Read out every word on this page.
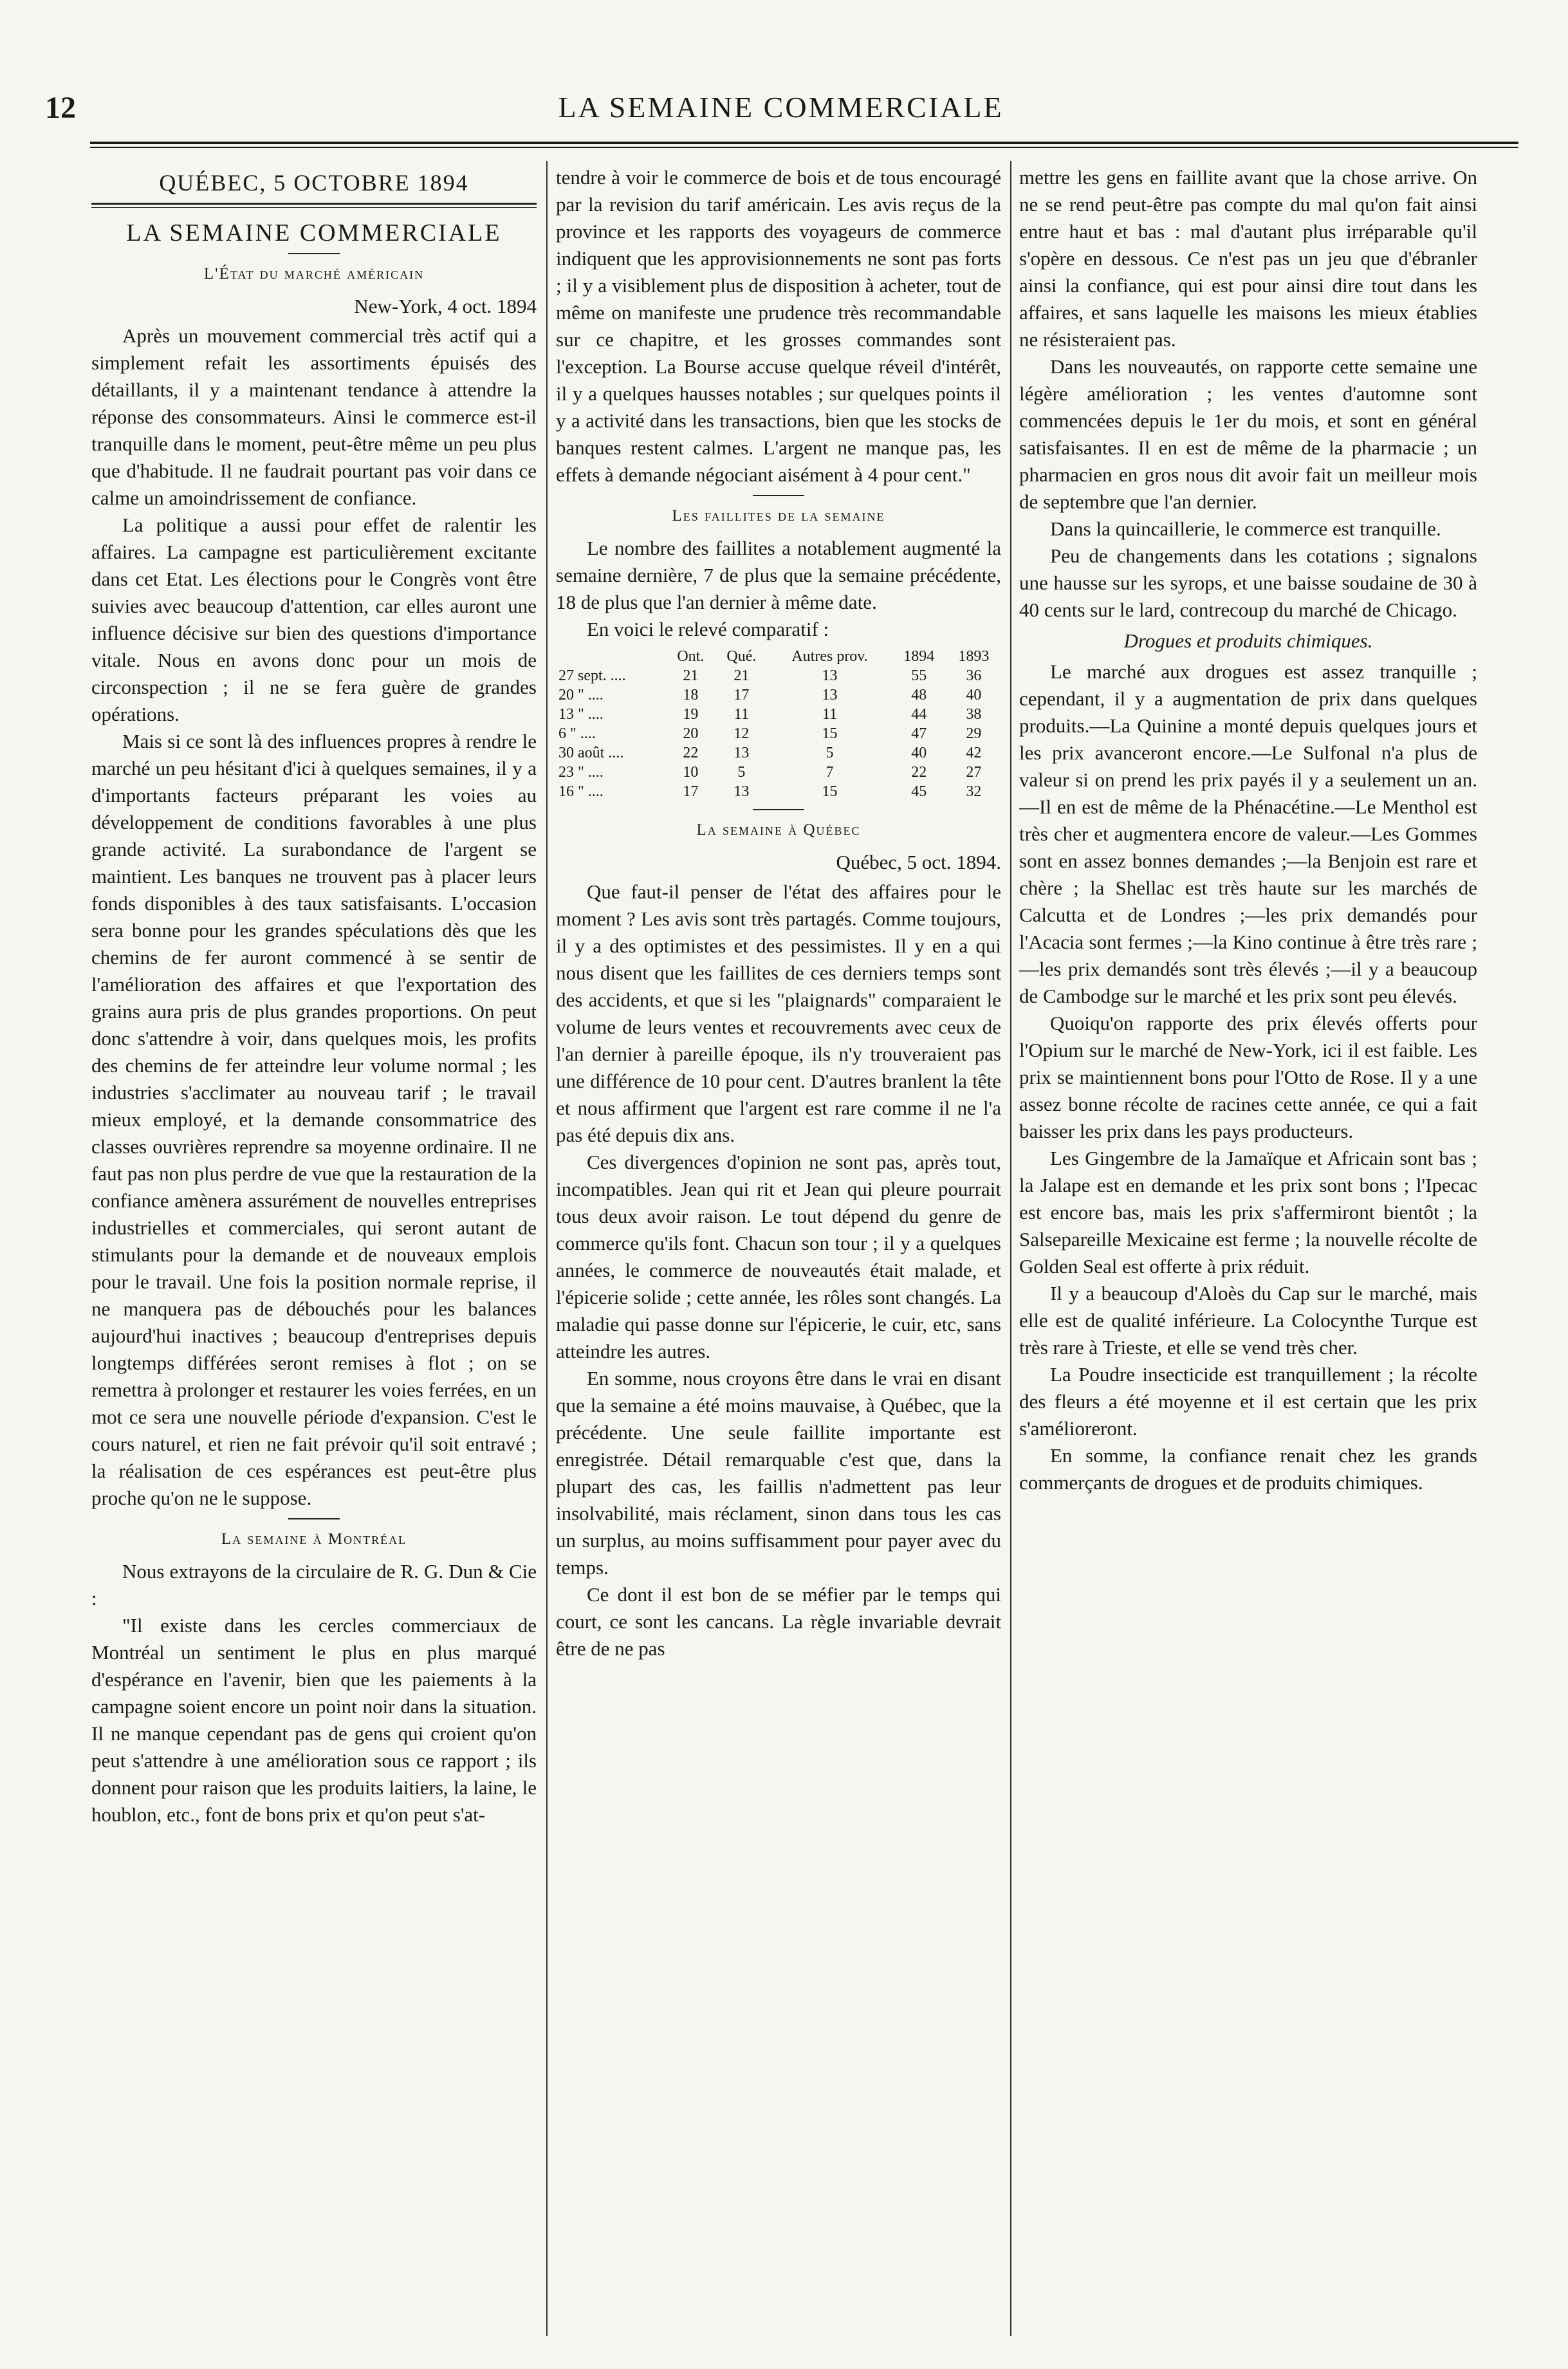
12	LA SEMAINE COMMERCIALE
QUÉBEC, 5 OCTOBRE 1894
LA SEMAINE COMMERCIALE
L'État du marché américain
New-York, 4 oct. 1894

Après un mouvement commercial très actif qui a simplement refait les assortiments épuisés des détaillants, il y a maintenant tendance à attendre la réponse des consommateurs. Ainsi le commerce est-il tranquille dans le moment, peut-être même un peu plus que d'habitude. Il ne faudrait pourtant pas voir dans ce calme un amoindrissement de confiance.

La politique a aussi pour effet de ralentir les affaires. La campagne est particulièrement excitante dans cet Etat. Les élections pour le Congrès vont être suivies avec beaucoup d'attention, car elles auront une influence décisive sur bien des questions d'importance vitale. Nous en avons donc pour un mois de circonspection ; il ne se fera guère de grandes opérations.

Mais si ce sont là des influences propres à rendre le marché un peu hésitant d'ici à quelques semaines, il y a d'importants facteurs préparant les voies au développement de conditions favorables à une plus grande activité. La surabondance de l'argent se maintient. Les banques ne trouvent pas à placer leurs fonds disponibles à des taux satisfaisants. L'occasion sera bonne pour les grandes spéculations dès que les chemins de fer auront commencé à se sentir de l'amélioration des affaires et que l'exportation des grains aura pris de plus grandes proportions. On peut donc s'attendre à voir, dans quelques mois, les profits des chemins de fer atteindre leur volume normal ; les industries s'acclimater au nouveau tarif ; le travail mieux employé, et la demande consommatrice des classes ouvrières reprendre sa moyenne ordinaire. Il ne faut pas non plus perdre de vue que la restauration de la confiance amènera assurément de nouvelles entreprises industrielles et commerciales, qui seront autant de stimulants pour la demande et de nouveaux emplois pour le travail. Une fois la position normale reprise, il ne manquera pas de débouchés pour les balances aujourd'hui inactives ; beaucoup d'entreprises depuis longtemps différées seront remises à flot ; on se remettra à prolonger et restaurer les voies ferrées, en un mot ce sera une nouvelle période d'expansion. C'est le cours naturel, et rien ne fait prévoir qu'il soit entravé ; la réalisation de ces espérances est peut-être plus proche qu'on ne le suppose.

La semaine à Montréal

Nous extrayons de la circulaire de R. G. Dun & Cie :

"Il existe dans les cercles commerciaux de Montréal un sentiment le plus en plus marqué d'espérance en l'avenir, bien que les paiements à la campagne soient encore un point noir dans la situation. Il ne manque cependant pas de gens qui croient qu'on peut s'attendre à une amélioration sous ce rapport ; ils donnent pour raison que les produits laitiers, la laine, le houblon, etc., font de bons prix et qu'on peut s'at-

tendre à voir le commerce de bois et de tous encouragé par la revision du tarif américain. Les avis reçus de la province et les rapports des voyageurs de commerce indiquent que les approvisionnements ne sont pas forts ; il y a visiblement plus de disposition à acheter, tout de même on manifeste une prudence très recommandable sur ce chapitre, et les grosses commandes sont l'exception. La Bourse accuse quelque réveil d'intérêt, il y a quelques hausses notables ; sur quelques points il y a activité dans les transactions, bien que les stocks de banques restent calmes. L'argent ne manque pas, les effets à demande négociant aisément à 4 pour cent."

Les faillites de la semaine

Le nombre des faillites a notablement augmenté la semaine dernière, 7 de plus que la semaine précédente, 18 de plus que l'an dernier à même date.

En voici le relevé comparatif :

	Ont.	Qué.	Autres prov.	1894	1893
27 sept. ....	21	21	13	55	36
20 " ....	18	17	13	48	40
13 " ....	19	11	11	44	38
6 " ....	20	12	15	47	29
30 août ....	22	13	5	40	42
23 " ....	10	5	7	22	27
16 " ....	17	13	15	45	32
La semaine à Québec
Québec, 5 oct. 1894.

Que faut-il penser de l'état des affaires pour le moment ? Les avis sont très partagés. Comme toujours, il y a des optimistes et des pessimistes. Il y en a qui nous disent que les faillites de ces derniers temps sont des accidents, et que si les "plaignards" comparaient le volume de leurs ventes et recouvrements avec ceux de l'an dernier à pareille époque, ils n'y trouveraient pas une différence de 10 pour cent. D'autres branlent la tête et nous affirment que l'argent est rare comme il ne l'a pas été depuis dix ans.

Ces divergences d'opinion ne sont pas, après tout, incompatibles. Jean qui rit et Jean qui pleure pourrait tous deux avoir raison. Le tout dépend du genre de commerce qu'ils font. Chacun son tour ; il y a quelques années, le commerce de nouveautés était malade, et l'épicerie solide ; cette année, les rôles sont changés. La maladie qui passe donne sur l'épicerie, le cuir, etc, sans atteindre les autres.

En somme, nous croyons être dans le vrai en disant que la semaine a été moins mauvaise, à Québec, que la précédente. Une seule faillite importante est enregistrée. Détail remarquable c'est que, dans la plupart des cas, les faillis n'admettent pas leur insolvabilité, mais réclament, sinon dans tous les cas un surplus, au moins suffisamment pour payer avec du temps.

Ce dont il est bon de se méfier par le temps qui court, ce sont les cancans. La règle invariable devrait être de ne pas

mettre les gens en faillite avant que la chose arrive. On ne se rend peut-être pas compte du mal qu'on fait ainsi entre haut et bas : mal d'autant plus irréparable qu'il s'opère en dessous. Ce n'est pas un jeu que d'ébranler ainsi la confiance, qui est pour ainsi dire tout dans les affaires, et sans laquelle les maisons les mieux établies ne résisteraient pas.

Dans les nouveautés, on rapporte cette semaine une légère amélioration ; les ventes d'automne sont commencées depuis le 1er du mois, et sont en général satisfaisantes. Il en est de même de la pharmacie ; un pharmacien en gros nous dit avoir fait un meilleur mois de septembre que l'an dernier.

Dans la quincaillerie, le commerce est tranquille.

Peu de changements dans les cotations ; signalons une hausse sur les syrops, et une baisse soudaine de 30 à 40 cents sur le lard, contrecoup du marché de Chicago.

Drogues et produits chimiques.

Le marché aux drogues est assez tranquille ; cependant, il y a augmentation de prix dans quelques produits.—La Quinine a monté depuis quelques jours et les prix avanceront encore.—Le Sulfonal n'a plus de valeur si on prend les prix payés il y a seulement un an.—Il en est de même de la Phénacétine.—Le Menthol est très cher et augmentera encore de valeur.—Les Gommes sont en assez bonnes demandes ;—la Benjoin est rare et chère ; la Shellac est très haute sur les marchés de Calcutta et de Londres ;—les prix demandés pour l'Acacia sont fermes ;—la Kino continue à être très rare ;—les prix demandés sont très élevés ;—il y a beaucoup de Cambodge sur le marché et les prix sont peu élevés.

Quoiqu'on rapporte des prix élevés offerts pour l'Opium sur le marché de New-York, ici il est faible. Les prix se maintiennent bons pour l'Otto de Rose. Il y a une assez bonne récolte de racines cette année, ce qui a fait baisser les prix dans les pays producteurs.

Les Gingembre de la Jamaïque et Africain sont bas ; la Jalape est en demande et les prix sont bons ; l'Ipecac est encore bas, mais les prix s'affermiront bientôt ; la Salsepareille Mexicaine est ferme ; la nouvelle récolte de Golden Seal est offerte à prix réduit.

Il y a beaucoup d'Aloès du Cap sur le marché, mais elle est de qualité inférieure. La Colocynthe Turque est très rare à Trieste, et elle se vend très cher.

La Poudre insecticide est tranquillement ; la récolte des fleurs a été moyenne et il est certain que les prix s'amélioreront.

En somme, la confiance renait chez les grands commerçants de drogues et de produits chimiques.
